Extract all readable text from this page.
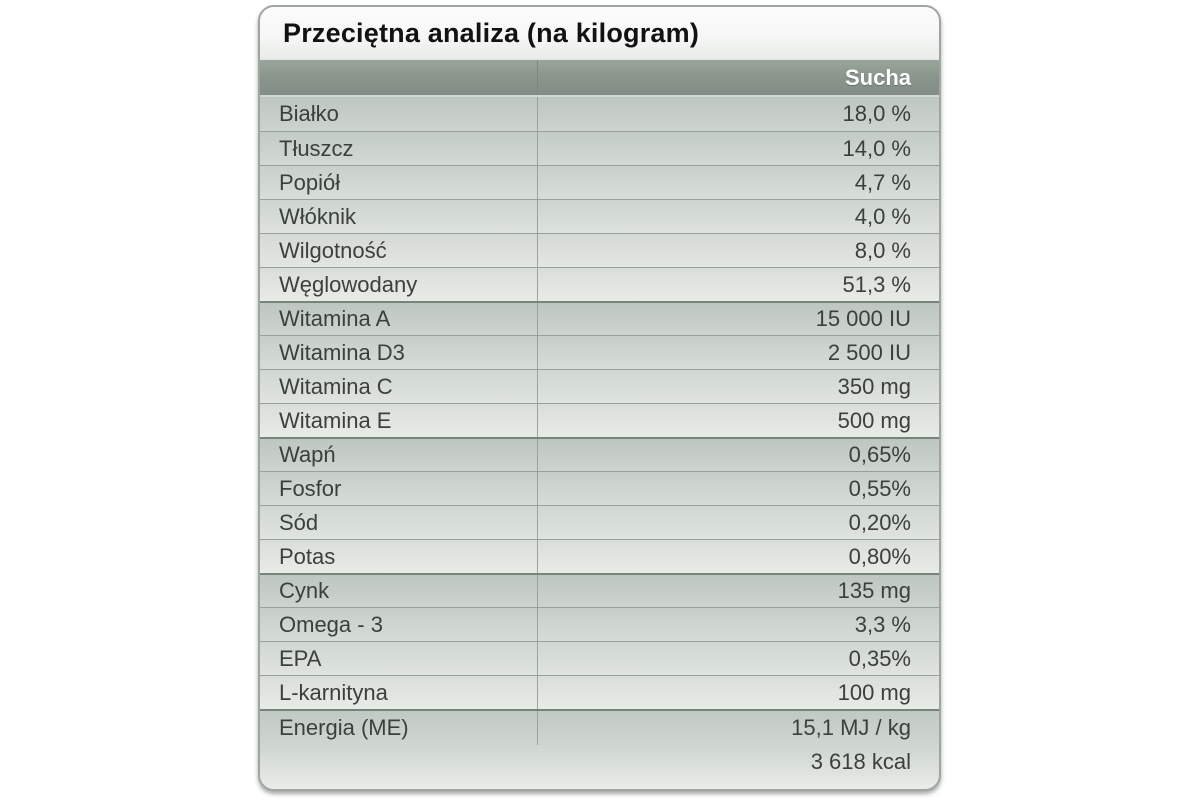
Przeciętna analiza (na kilogram)
Sucha
Białko	18,0 %
Tłuszcz	14,0 %
Popiół	4,7 %
Włóknik	4,0 %
Wilgotność	8,0 %
Węglowodany	51,3 %
Witamina A	15 000 IU
Witamina D3	2 500 IU
Witamina C	350 mg
Witamina E	500 mg
Wapń	0,65%
Fosfor	0,55%
Sód	0,20%
Potas	0,80%
Cynk	135 mg
Omega - 3	3,3 %
EPA	0,35%
L-karnityna	100 mg
Energia (ME)	15,1 MJ / kg
3 618 kcal
